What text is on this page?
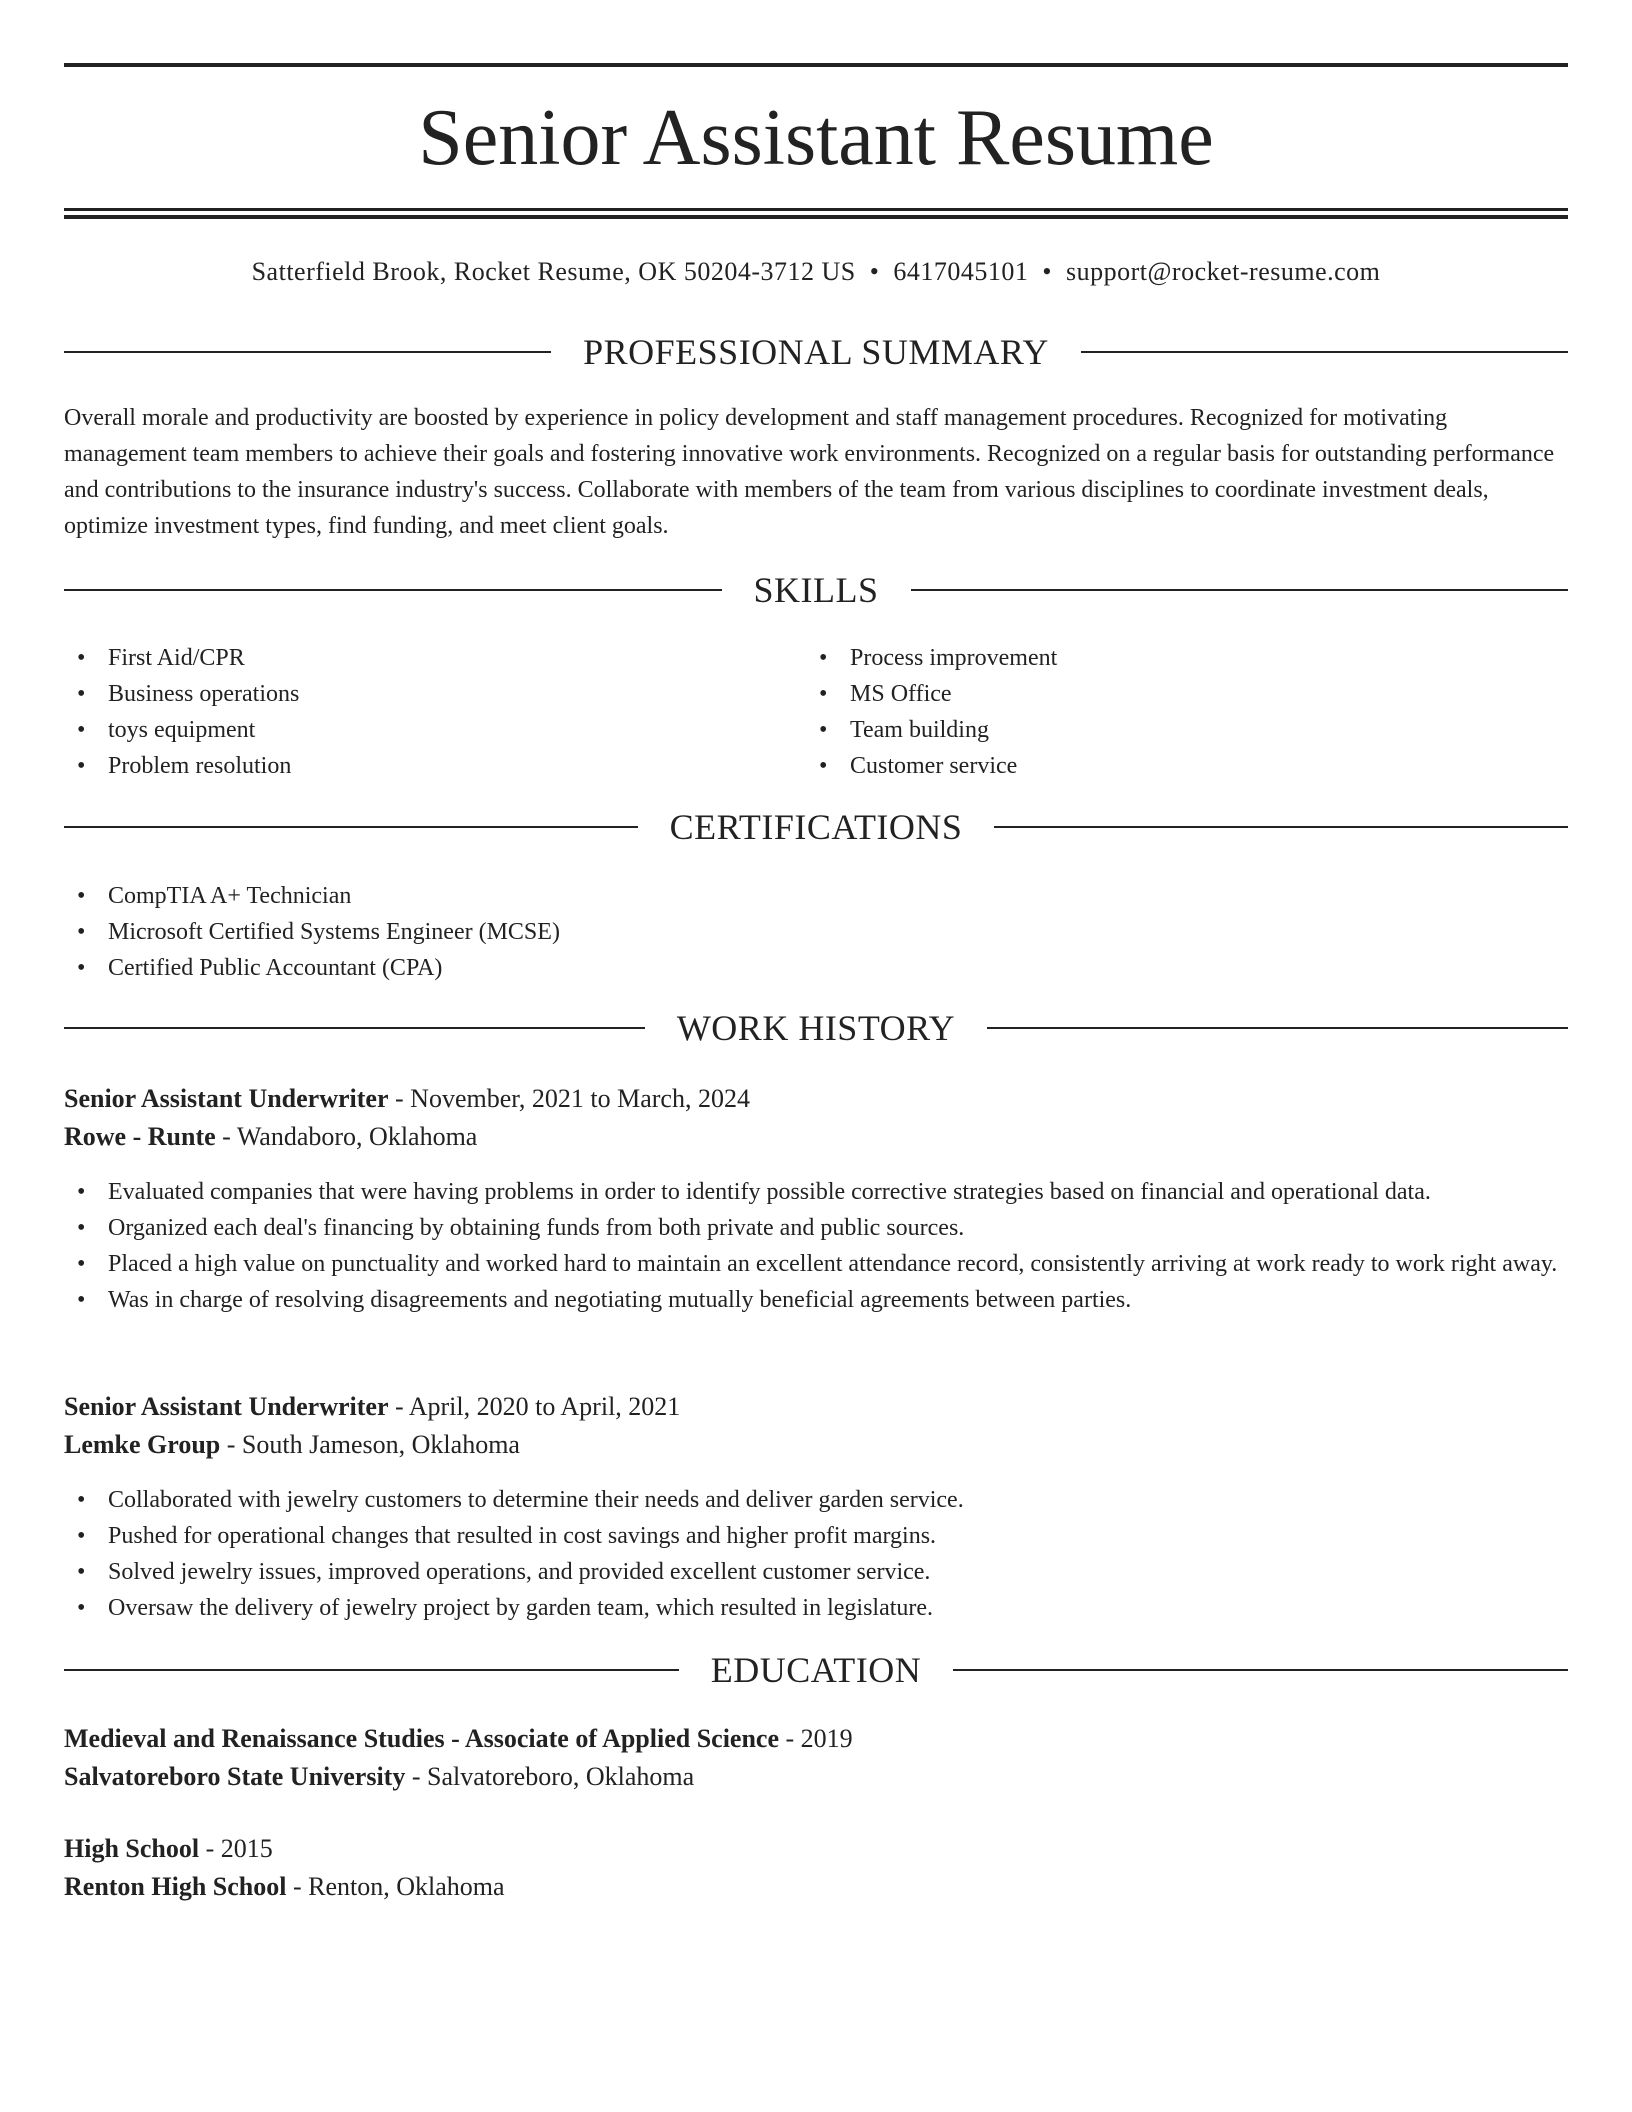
Senior Assistant Resume
Satterfield Brook, Rocket Resume, OK 50204-3712 US • 6417045101 • support@rocket-resume.com
PROFESSIONAL SUMMARY

Overall morale and productivity are boosted by experience in policy development and staff management procedures. Recognized for motivating management team members to achieve their goals and fostering innovative work environments. Recognized on a regular basis for outstanding performance and contributions to the insurance industry's success. Collaborate with members of the team from various disciplines to coordinate investment deals, optimize investment types, find funding, and meet client goals.

SKILLS
• First Aid/CPR
• Business operations
• toys equipment
• Problem resolution
• Process improvement
• MS Office
• Team building
• Customer service
CERTIFICATIONS
• CompTIA A+ Technician
• Microsoft Certified Systems Engineer (MCSE)
• Certified Public Accountant (CPA)
WORK HISTORY
Senior Assistant Underwriter - November, 2021 to March, 2024
Rowe - Runte - Wandaboro, Oklahoma
• Evaluated companies that were having problems in order to identify possible corrective strategies based on financial and operational data.
• Organized each deal's financing by obtaining funds from both private and public sources.
• Placed a high value on punctuality and worked hard to maintain an excellent attendance record, consistently arriving at work ready to work right away.
• Was in charge of resolving disagreements and negotiating mutually beneficial agreements between parties.
Senior Assistant Underwriter - April, 2020 to April, 2021
Lemke Group - South Jameson, Oklahoma
• Collaborated with jewelry customers to determine their needs and deliver garden service.
• Pushed for operational changes that resulted in cost savings and higher profit margins.
• Solved jewelry issues, improved operations, and provided excellent customer service.
• Oversaw the delivery of jewelry project by garden team, which resulted in legislature.
EDUCATION
Medieval and Renaissance Studies - Associate of Applied Science - 2019
Salvatoreboro State University - Salvatoreboro, Oklahoma
High School - 2015
Renton High School - Renton, Oklahoma
